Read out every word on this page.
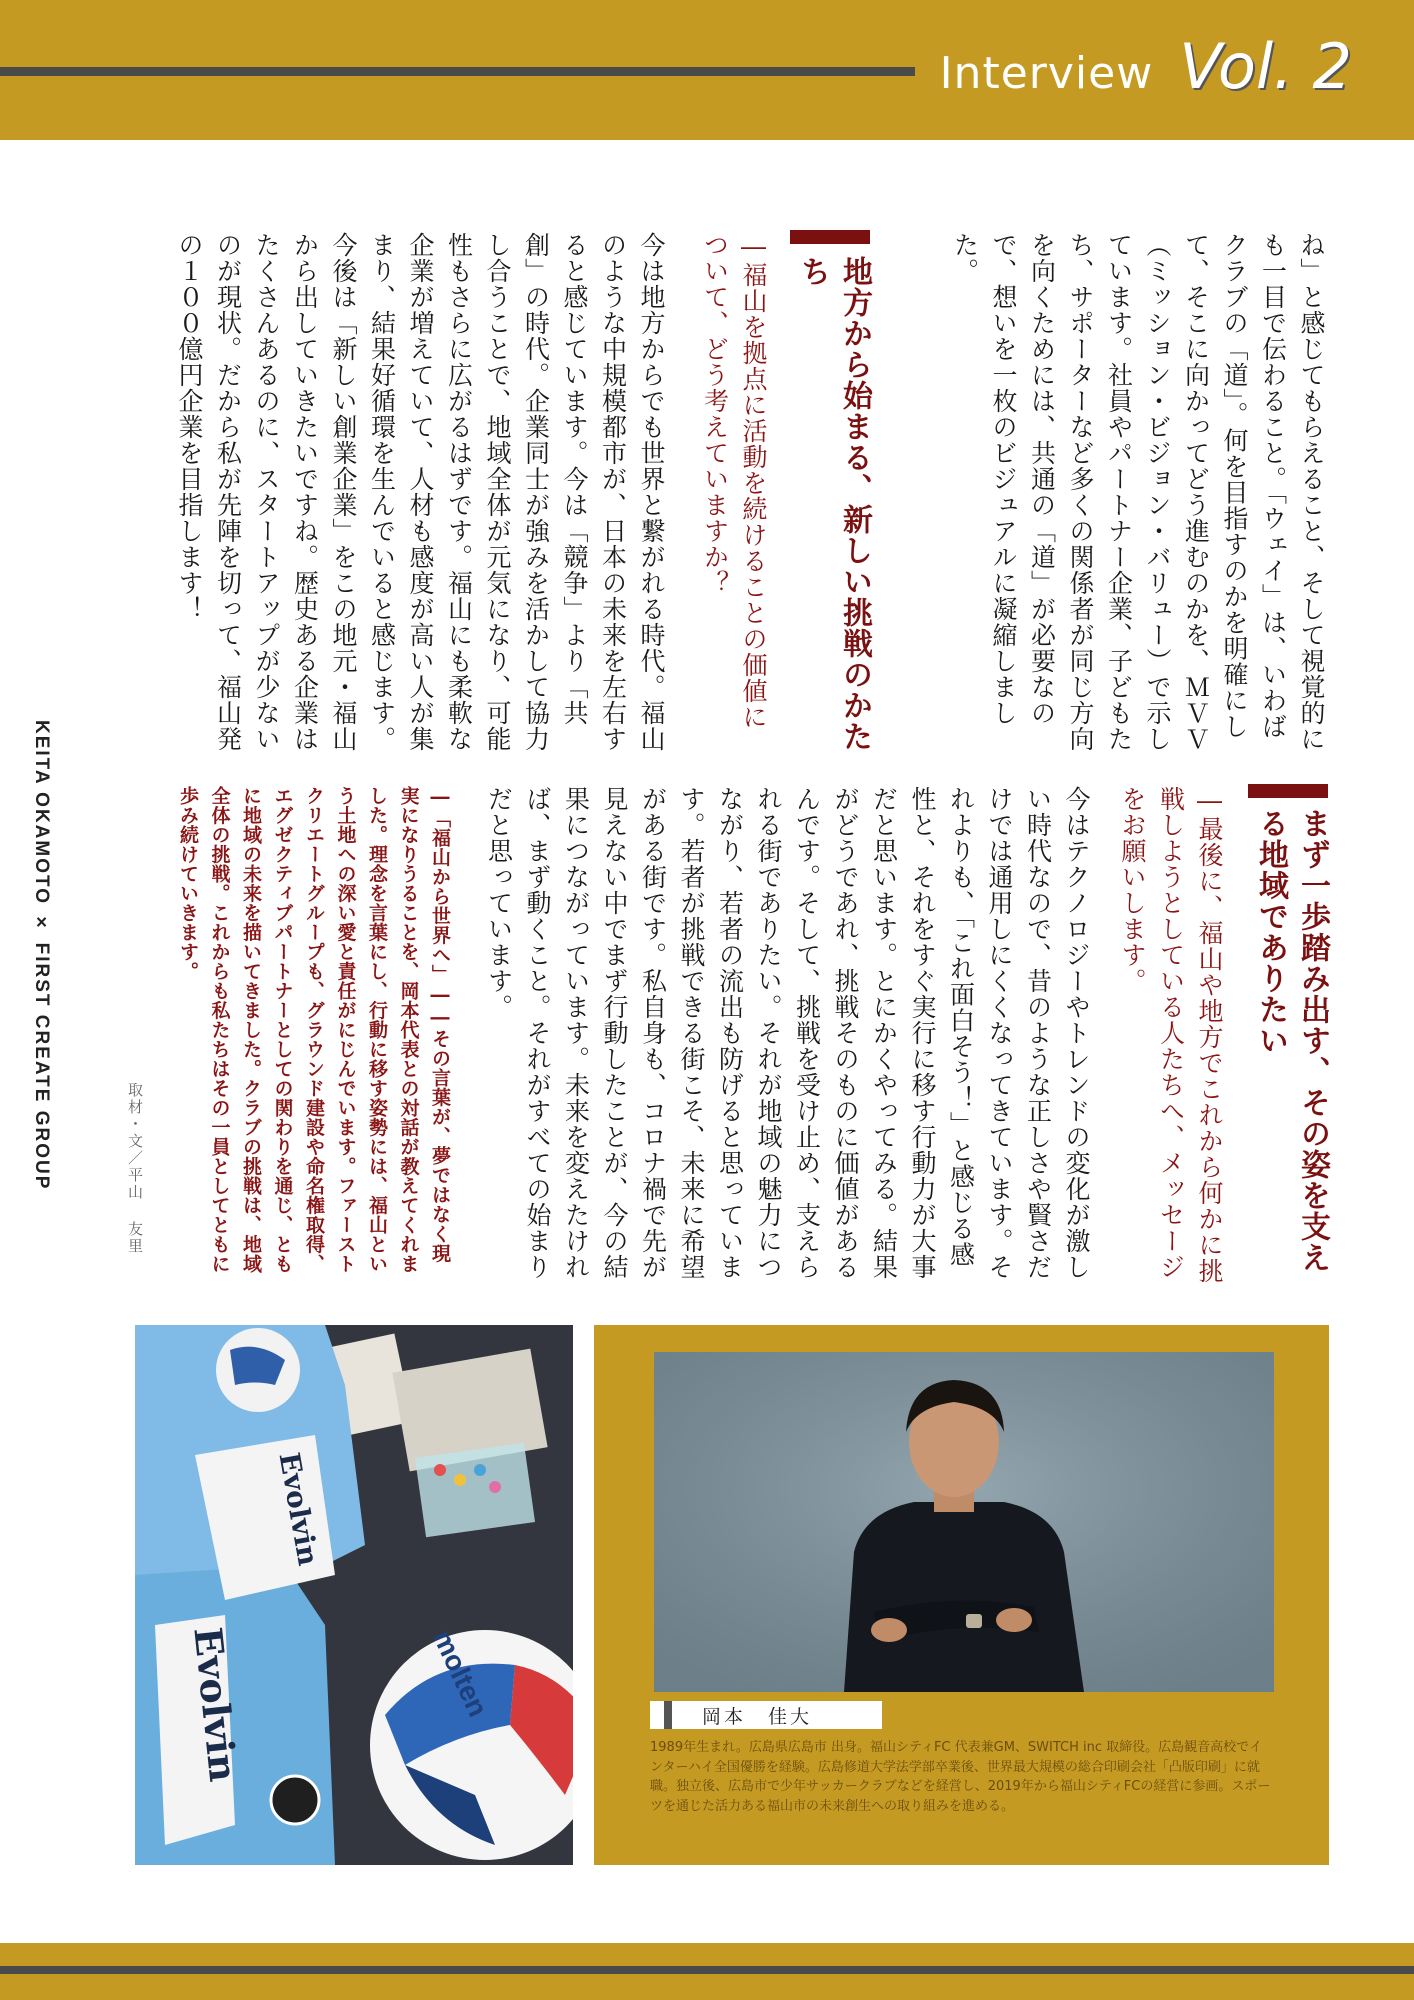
Interview Vol. 2
ね」と感じてもらえること、そして視覚的にも一目で伝わること。「ウェイ」は、いわばクラブの「道」。何を目指すのかを明確にして、そこに向かってどう進むのかを、ＭＶＶ（ミッション・ビジョン・バリュー）で示しています。社員やパートナー企業、子どもたち、サポーターなど多くの関係者が同じ方向を向くためには、共通の「道」が必要なので、想いを一枚のビジュアルに凝縮しました。
地方から始まる、新しい挑戦のかたち
―福山を拠点に活動を続けることの価値について、どう考えていますか？
今は地方からでも世界と繋がれる時代。福山のような中規模都市が、日本の未来を左右すると感じています。今は「競争」より「共創」の時代。企業同士が強みを活かして協力し合うことで、地域全体が元気になり、可能性もさらに広がるはずです。福山にも柔軟な企業が増えていて、人材も感度が高い人が集まり、結果好循環を生んでいると感じます。今後は「新しい創業企業」をこの地元・福山から出していきたいですね。歴史ある企業はたくさんあるのに、スタートアップが少ないのが現状。だから私が先陣を切って、福山発の１００億円企業を目指します！
まず一歩踏み出す、その姿を支える地域でありたい
―最後に、福山や地方でこれから何かに挑戦しようとしている人たちへ、メッセージをお願いします。
今はテクノロジーやトレンドの変化が激しい時代なので、昔のような正しさや賢さだけでは通用しにくくなってきています。それよりも、「これ面白そう！」と感じる感性と、それをすぐ実行に移す行動力が大事だと思います。とにかくやってみる。結果がどうであれ、挑戦そのものに価値があるんです。そして、挑戦を受け止め、支えられる街でありたい。それが地域の魅力につながり、若者の流出も防げると思っています。若者が挑戦できる街こそ、未来に希望がある街です。私自身も、コロナ禍で先が見えない中でまず行動したことが、今の結果につながっています。未来を変えたければ、まず動くこと。それがすべての始まりだと思っています。
―「福山から世界へ」――その言葉が、夢ではなく現実になりうることを、岡本代表との対話が教えてくれました。理念を言葉にし、行動に移す姿勢には、福山という土地への深い愛と責任がにじんでいます。ファーストクリエートグループも、グラウンド建設や命名権取得、エグゼクティブパートナーとしての関わりを通じ、ともに地域の未来を描いてきました。クラブの挑戦は、地域全体の挑戦。これからも私たちはその一員としてともに歩み続けていきます。
取材・文／平山 友里
KEITA OKAMOTO × FIRST CREATE GROUP
Evolvin
Evolvin	molten	岡本　佳大
1989年生まれ。広島県広島市 出身。福山シティFC 代表兼GM、SWITCH inc 取締役。広島観音高校でインターハイ全国優勝を経験。広島修道大学法学部卒業後、世界最大規模の総合印刷会社「凸版印刷」に就職。独立後、広島市で少年サッカークラブなどを経営し、2019年から福山シティFCの経営に参画。スポーツを通じた活力ある福山市の未来創生への取り組みを進める。
